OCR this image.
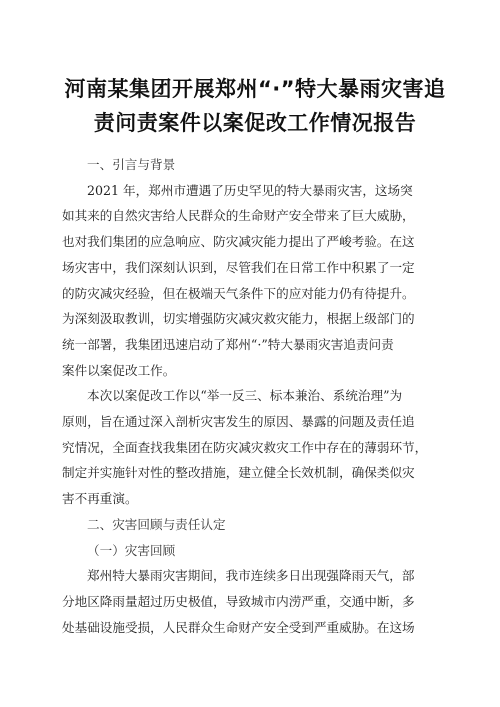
河南某集团开展郑州“·”特大暴雨灾害追
责问责案件以案促改工作情况报告
一、引言与背景
2021 年，郑州市遭遇了历史罕见的特大暴雨灾害，这场突
如其来的自然灾害给人民群众的生命财产安全带来了巨大威胁，
也对我们集团的应急响应、防灾减灾能力提出了严峻考验。在这
场灾害中，我们深刻认识到，尽管我们在日常工作中积累了一定
的防灾减灾经验，但在极端天气条件下的应对能力仍有待提升。
为深刻汲取教训，切实增强防灾减灾救灾能力，根据上级部门的
统一部署，我集团迅速启动了郑州“·”特大暴雨灾害追责问责
案件以案促改工作。
本次以案促改工作以“举一反三、标本兼治、系统治理”为
原则，旨在通过深入剖析灾害发生的原因、暴露的问题及责任追
究情况，全面查找我集团在防灾减灾救灾工作中存在的薄弱环节，
制定并实施针对性的整改措施，建立健全长效机制，确保类似灾
害不再重演。
二、灾害回顾与责任认定
（一）灾害回顾
郑州特大暴雨灾害期间，我市连续多日出现强降雨天气，部
分地区降雨量超过历史极值，导致城市内涝严重，交通中断，多
处基础设施受损，人民群众生命财产安全受到严重威胁。在这场
